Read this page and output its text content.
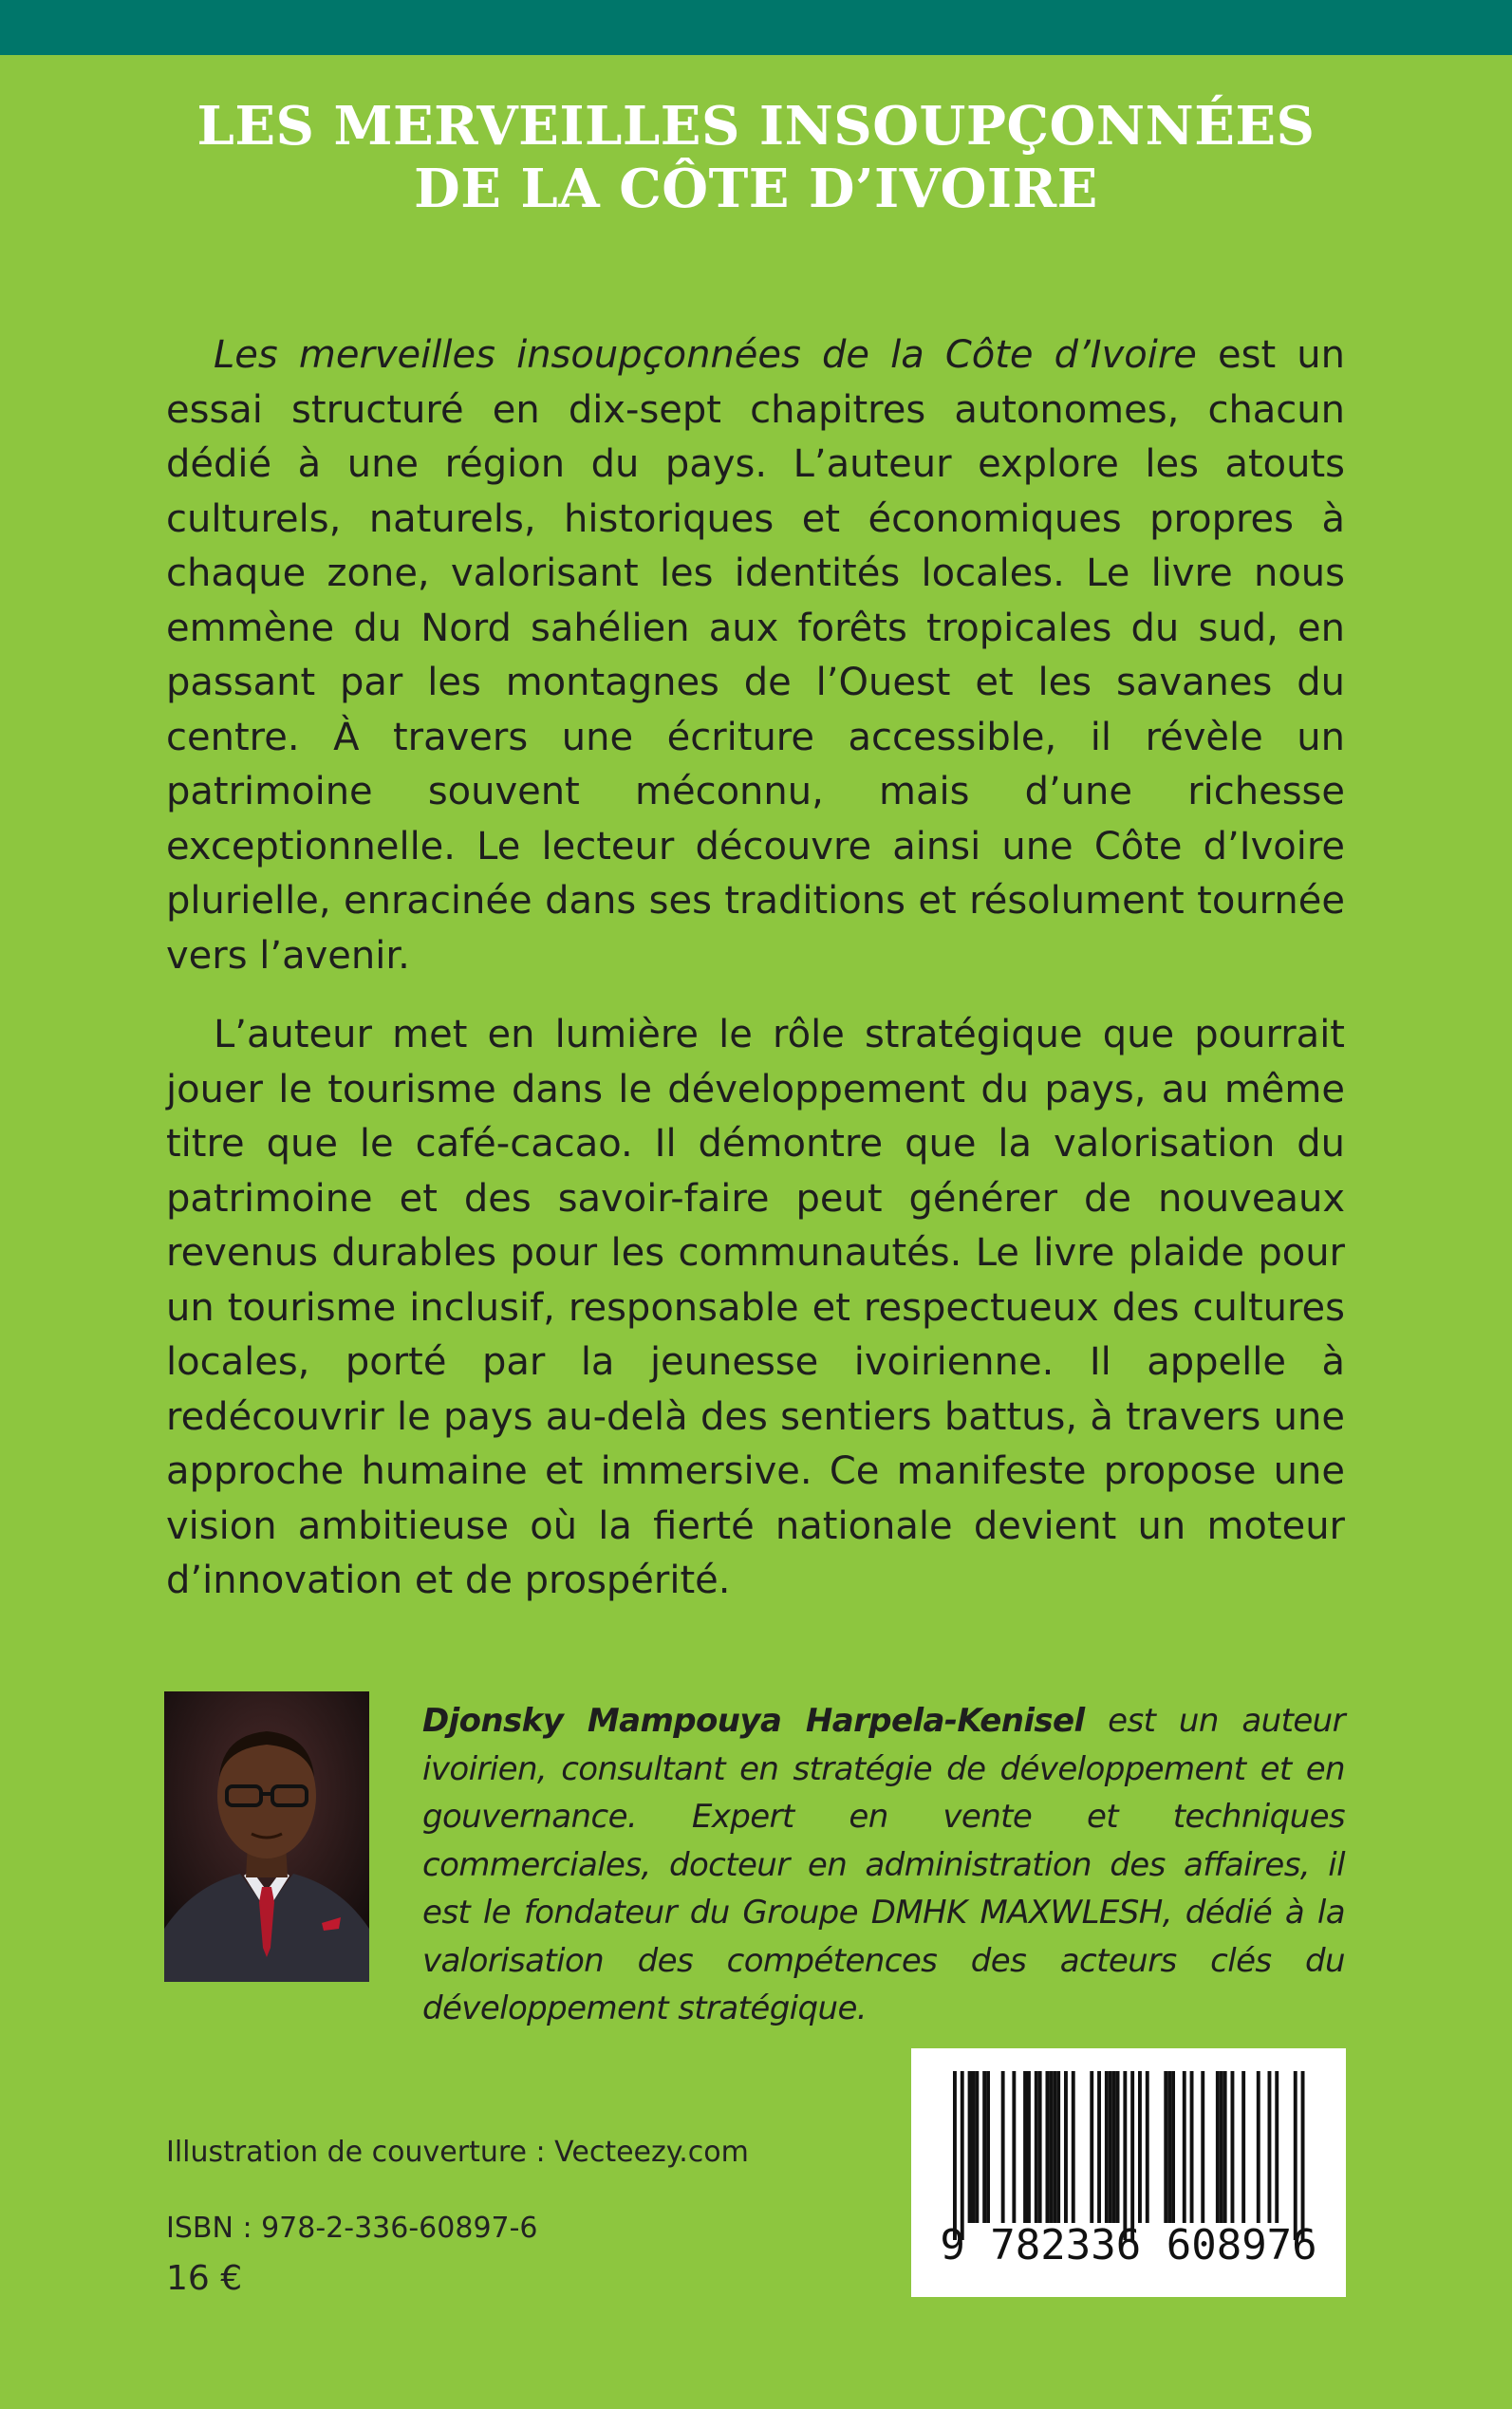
LES MERVEILLES INSOUPÇONNÉES
DE LA CÔTE D’IVOIRE

Les merveilles insoupçonnées de la Côte d’Ivoire est un essai structuré en dix-sept chapitres autonomes, chacun dédié à une région du pays. L’auteur explore les atouts culturels, naturels, historiques et économiques propres à chaque zone, valorisant les identités locales. Le livre nous emmène du Nord sahélien aux forêts tropicales du sud, en passant par les montagnes de l’Ouest et les savanes du centre. À travers une écriture accessible, il révèle un patrimoine souvent méconnu, mais d’une richesse exceptionnelle. Le lecteur découvre ainsi une Côte d’Ivoire plurielle, enracinée dans ses traditions et résolument tournée vers l’avenir.

L’auteur met en lumière le rôle stratégique que pourrait jouer le tourisme dans le développement du pays, au même titre que le café-cacao. Il démontre que la valorisation du patrimoine et des savoir-faire peut générer de nouveaux revenus durables pour les communautés. Le livre plaide pour un tourisme inclusif, responsable et respectueux des cultures locales, porté par la jeunesse ivoirienne. Il appelle à redécouvrir le pays au-delà des sentiers battus, à travers une approche humaine et immersive. Ce manifeste propose une vision ambitieuse où la fierté nationale devient un moteur d’innovation et de prospérité.

Djonsky Mampouya Harpela-Kenisel est un auteur ivoirien, consultant en stratégie de développement et en gouvernance. Expert en vente et techniques commerciales, docteur en administration des affaires, il est le fondateur du Groupe DMHK MAXWLESH, dédié à la valorisation des compétences des acteurs clés du développement stratégique.
Illustration de couverture : Vecteezy.com
ISBN : 978-2-336-60897-6
16 €
9 782336 608976
